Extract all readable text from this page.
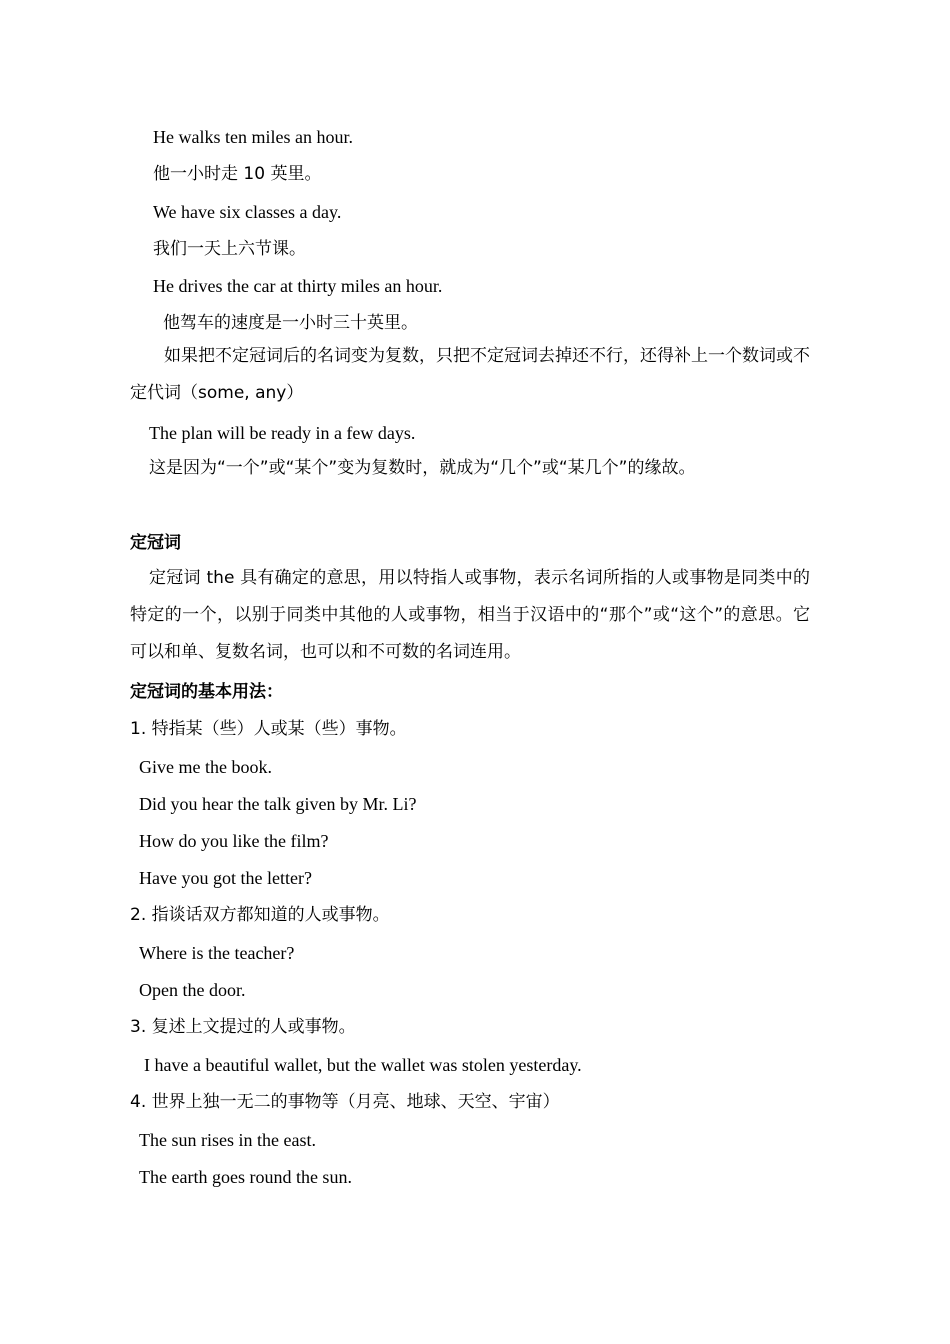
He walks ten miles an hour.
他一小时走 10 英里。
We have six classes a day.
我们一天上六节课。
He drives the car at thirty miles an hour.
他驾车的速度是一小时三十英里。
如果把不定冠词后的名词变为复数，只把不定冠词去掉还不行，还得补上一个数词或不定代词（some, any）
The plan will be ready in a few days.
这是因为“一个”或“某个”变为复数时，就成为“几个”或“某几个”的缘故。
定冠词
定冠词 the 具有确定的意思，用以特指人或事物，表示名词所指的人或事物是同类中的特定的一个，以别于同类中其他的人或事物，相当于汉语中的“那个”或“这个”的意思。它可以和单、复数名词，也可以和不可数的名词连用。
定冠词的基本用法：
1. 特指某（些）人或某（些）事物。
Give me the book.
Did you hear the talk given by Mr. Li?
How do you like the film?
Have you got the letter?
2. 指谈话双方都知道的人或事物。
Where is the teacher?
Open the door.
3. 复述上文提过的人或事物。
I have a beautiful wallet, but the wallet was stolen yesterday.
4. 世界上独一无二的事物等（月亮、地球、天空、宇宙）
The sun rises in the east.
The earth goes round the sun.
